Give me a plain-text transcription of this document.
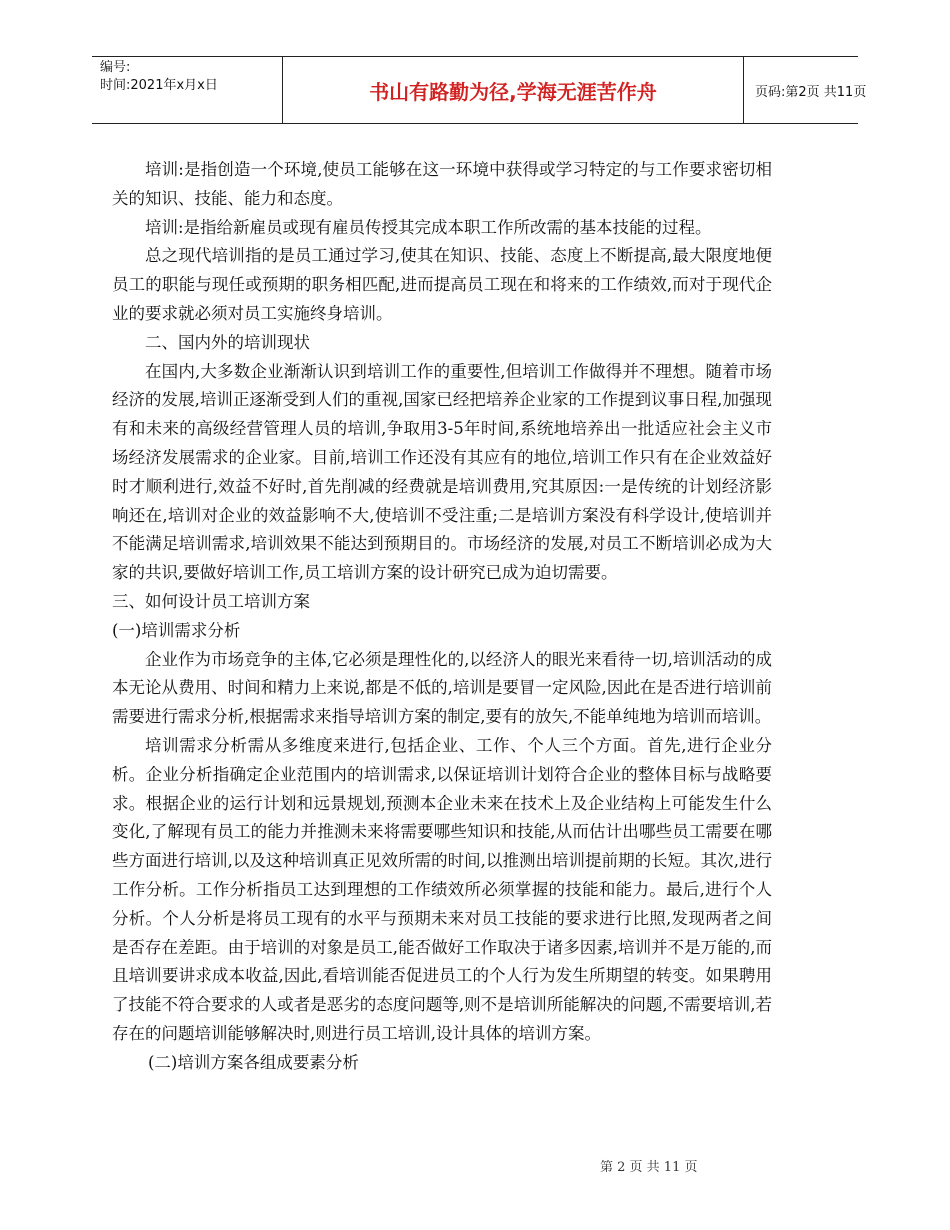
编号:
时间:2021年x月x日	书山有路勤为径,学海无涯苦作舟	页码:第2页 共11页

培训:是指创造一个环境,使员工能够在这一环境中获得或学习特定的与工作要求密切相关的知识、技能、能力和态度。

培训:是指给新雇员或现有雇员传授其完成本职工作所改需的基本技能的过程。

总之现代培训指的是员工通过学习,使其在知识、技能、态度上不断提高,最大限度地便员工的职能与现任或预期的职务相匹配,进而提高员工现在和将来的工作绩效,而对于现代企业的要求就必须对员工实施终身培训。

二、国内外的培训现状

在国内,大多数企业渐渐认识到培训工作的重要性,但培训工作做得并不理想。随着市场经济的发展,培训正逐渐受到人们的重视,国家已经把培养企业家的工作提到议事日程,加强现有和未来的高级经营管理人员的培训,争取用3-5年时间,系统地培养出一批适应社会主义市场经济发展需求的企业家。目前,培训工作还没有其应有的地位,培训工作只有在企业效益好时才顺利进行,效益不好时,首先削减的经费就是培训费用,究其原因:一是传统的计划经济影响还在,培训对企业的效益影响不大,使培训不受注重;二是培训方案没有科学设计,使培训并不能满足培训需求,培训效果不能达到预期目的。市场经济的发展,对员工不断培训必成为大家的共识,要做好培训工作,员工培训方案的设计研究已成为迫切需要。

三、如何设计员工培训方案

(一)培训需求分析

企业作为市场竞争的主体,它必须是理性化的,以经济人的眼光来看待一切,培训活动的成本无论从费用、时间和精力上来说,都是不低的,培训是要冒一定风险,因此在是否进行培训前需要进行需求分析,根据需求来指导培训方案的制定,要有的放矢,不能单纯地为培训而培训。

培训需求分析需从多维度来进行,包括企业、工作、个人三个方面。首先,进行企业分析。企业分析指确定企业范围内的培训需求,以保证培训计划符合企业的整体目标与战略要求。根据企业的运行计划和远景规划,预测本企业未来在技术上及企业结构上可能发生什么变化,了解现有员工的能力并推测未来将需要哪些知识和技能,从而估计出哪些员工需要在哪些方面进行培训,以及这种培训真正见效所需的时间,以推测出培训提前期的长短。其次,进行工作分析。工作分析指员工达到理想的工作绩效所必须掌握的技能和能力。最后,进行个人分析。个人分析是将员工现有的水平与预期未来对员工技能的要求进行比照,发现两者之间是否存在差距。由于培训的对象是员工,能否做好工作取决于诸多因素,培训并不是万能的,而且培训要讲求成本收益,因此,看培训能否促进员工的个人行为发生所期望的转变。如果聘用了技能不符合要求的人或者是恶劣的态度问题等,则不是培训所能解决的问题,不需要培训,若存在的问题培训能够解决时,则进行员工培训,设计具体的培训方案。

(二)培训方案各组成要素分析

第 2 页 共 11 页
